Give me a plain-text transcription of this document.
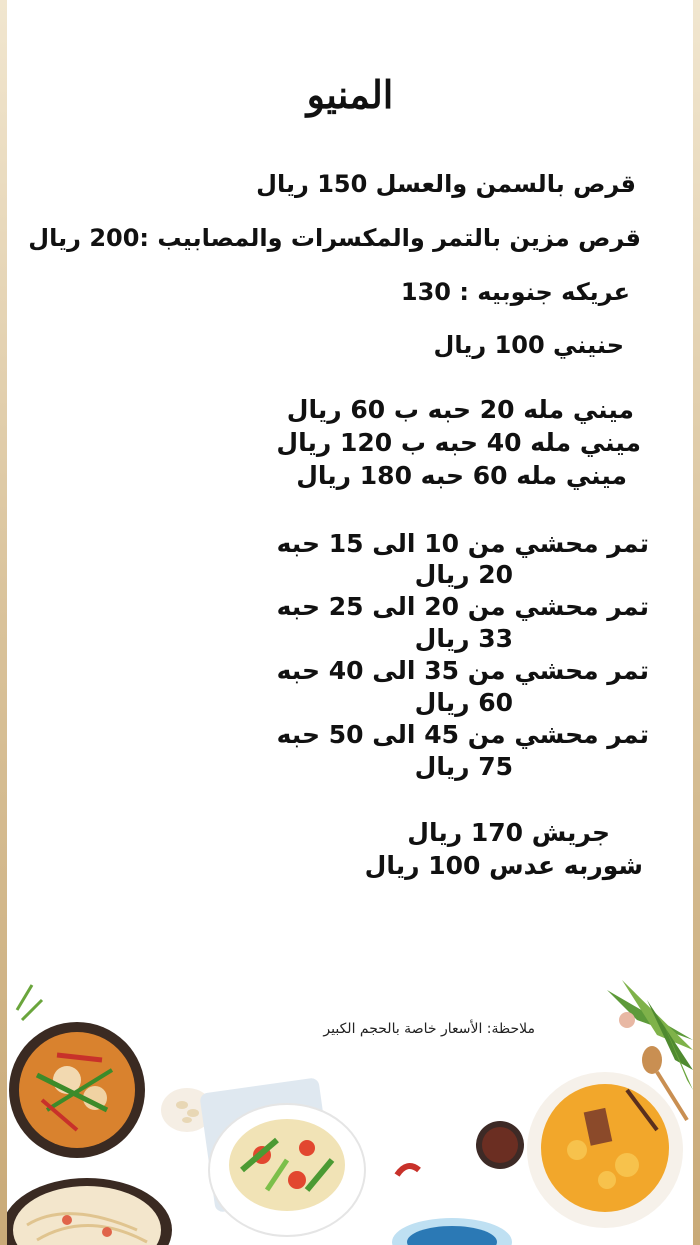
المنيو
قرص بالسمن والعسل 150 ريال
قرص مزين بالتمر والمكسرات والمصابيب :200 ريال
عريكه جنوبيه : 130
حنيني 100 ريال
ميني مله 20 حبه ب 60 ريال
ميني مله 40 حبه ب 120 ريال
ميني مله 60 حبه 180 ريال
تمر محشي من 10 الى 15 حبه
20 ريال
تمر محشي من 20 الى 25 حبه
33 ريال
تمر محشي من 35 الى 40 حبه
60 ريال
تمر محشي من 45 الى 50 حبه
75 ريال
جريش 170 ريال
شوربه عدس 100 ريال
ملاحظة: الأسعار خاصة بالحجم الكبير
